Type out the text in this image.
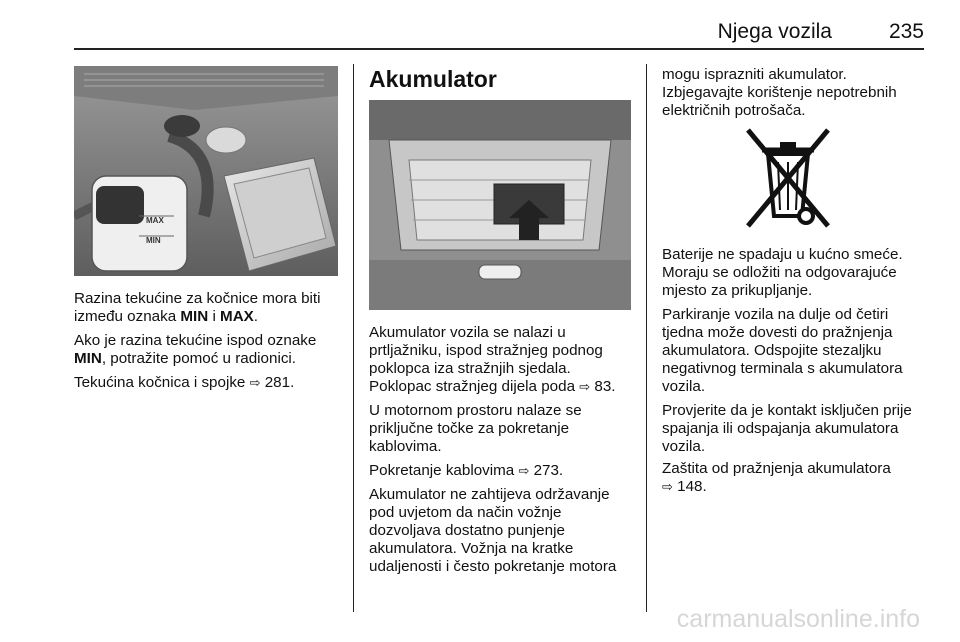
Njega vozila	235
MAX
MIN

Razina tekućine za kočnice mora biti između oznaka MIN i MAX.

Ako je razina tekućine ispod oznake
MIN, potražite pomoć u radionici.

Tekućina kočnica i spojke ⇨ 281.

Akumulator

Akumulator vozila se nalazi u prtljažniku, ispod stražnjeg podnog poklopca iza stražnjih sjedala. Poklopac stražnjeg dijela poda ⇨ 83.

U motornom prostoru nalaze se priključne točke za pokretanje kablovima.

Pokretanje kablovima ⇨ 273.

Akumulator ne zahtijeva održavanje pod uvjetom da način vožnje dozvoljava dostatno punjenje akumulatora. Vožnja na kratke udaljenosti i često pokretanje motora

mogu isprazniti akumulator. Izbjegavajte korištenje nepotrebnih električnih potrošača.

Baterije ne spadaju u kućno smeće. Moraju se odložiti na odgovarajuće mjesto za prikupljanje.

Parkiranje vozila na dulje od četiri tjedna može dovesti do pražnjenja akumulatora. Odspojite stezaljku negativnog terminala s akumulatora vozila.

Provjerite da je kontakt isključen prije spajanja ili odspajanja akumulatora vozila.

Zaštita od pražnjenja akumulatora
⇨ 148.

carmanualsonline.info
